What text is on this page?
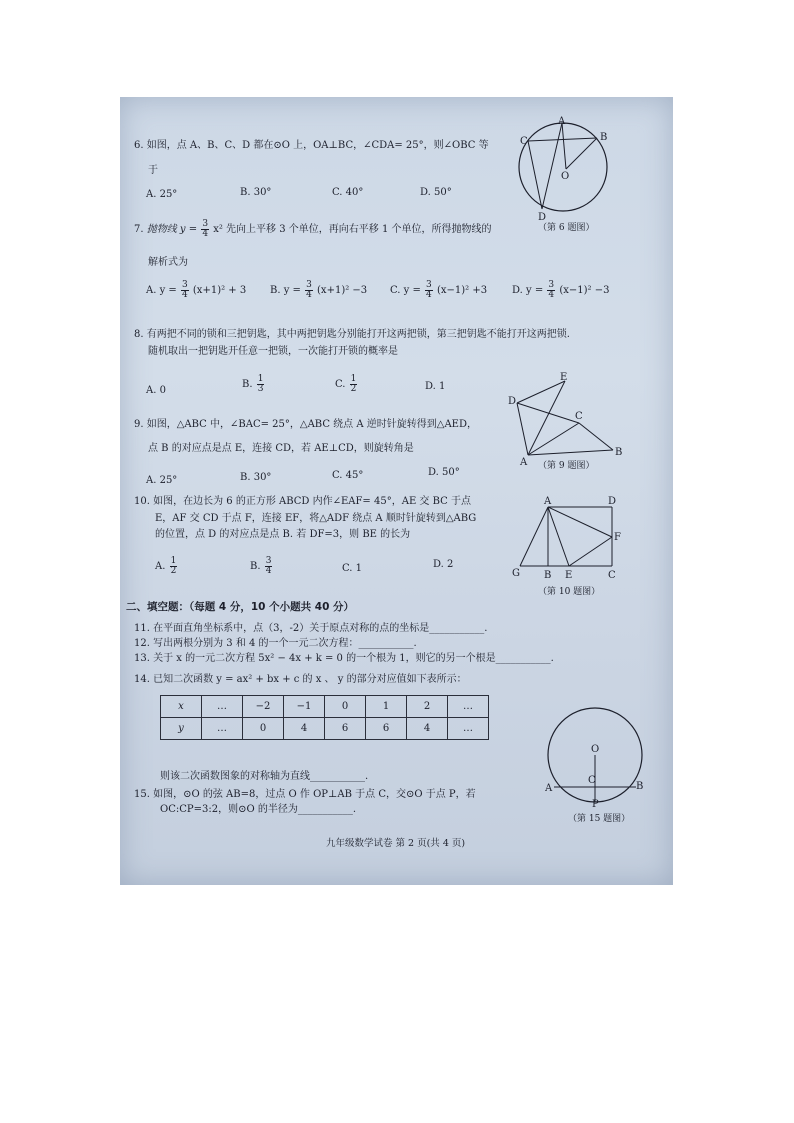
6. 如图，点 A、B、C、D 都在⊙O 上，OA⊥BC，∠CDA= 25°，则∠OBC 等
于
A. 25°	B. 30°	C. 40°	D. 50°
A
B
C
D
O
（第 6 题图）
7. 抛物线 $y = \frac{3}{4} x^2$ 先向上平移 3 个单位，再向右平移 1 个单位，所得抛物线的
解析式为
A. $y = \frac{3}{4} (x+1)^2 + 3$ B. $y = \frac{3}{4} (x+1)^2 -3$ C. $y = \frac{3}{4} (x-1)^2 +3$ D. $y = \frac{3}{4} (x-1)^2 -3$
8. 有两把不同的锁和三把钥匙，其中两把钥匙分别能打开这两把锁，第三把钥匙不能打开这两把锁.
随机取出一把钥匙开任意一把锁，一次能打开锁的概率是
A. 0
B. $\frac{1}{3}$	C. $\frac{1}{2}$	D. 1
E
D
C
A
B
（第 9 题图）
9. 如图，△ABC 中，∠BAC= 25°，△ABC 绕点 A 逆时针旋转得到△AED，
点 B 的对应点是点 E，连接 CD，若 AE⊥CD，则旋转角是
A. 25°	B. 30°	C. 45°	D. 50°
10. 如图，在边长为 6 的正方形 ABCD 内作∠EAF= 45°，AE 交 BC 于点
E，AF 交 CD 于点 F，连接 EF，将△ADF 绕点 A 顺时针旋转到△ABG
的位置，点 D 的对应点是点 B. 若 DF=3，则 BE 的长为
A. $\frac{1}{2}$	B. $\frac{3}{4}$	C. 1	D. 2
A	D
F
G B E	C
（第 10 题图）
二、填空题：（每题 4 分，10 个小题共 40 分）
11. 在平面直角坐标系中，点（3，-2）关于原点对称的点的坐标是___________.
12. 写出两根分别为 3 和 4 的一个一元二次方程：___________.
13. 关于 x 的一元二次方程 5x² − 4x + k = 0 的一个根为 1，则它的另一个根是___________.
14. 已知二次函数 y = ax² + bx + c 的 x 、 y 的部分对应值如下表所示：
x	…	−2	−1	0	1	2	…
y	…	0	4	6	6	4	…
则该二次函数图象的对称轴为直线___________.
15. 如图，⊙O 的弦 AB=8，过点 O 作 OP⊥AB 于点 C，交⊙O 于点 P，若
OC:CP=3:2，则⊙O 的半径为___________.
O
C
A	B
P
（第 15 题图）
九年级数学试卷 第 2 页(共 4 页)
